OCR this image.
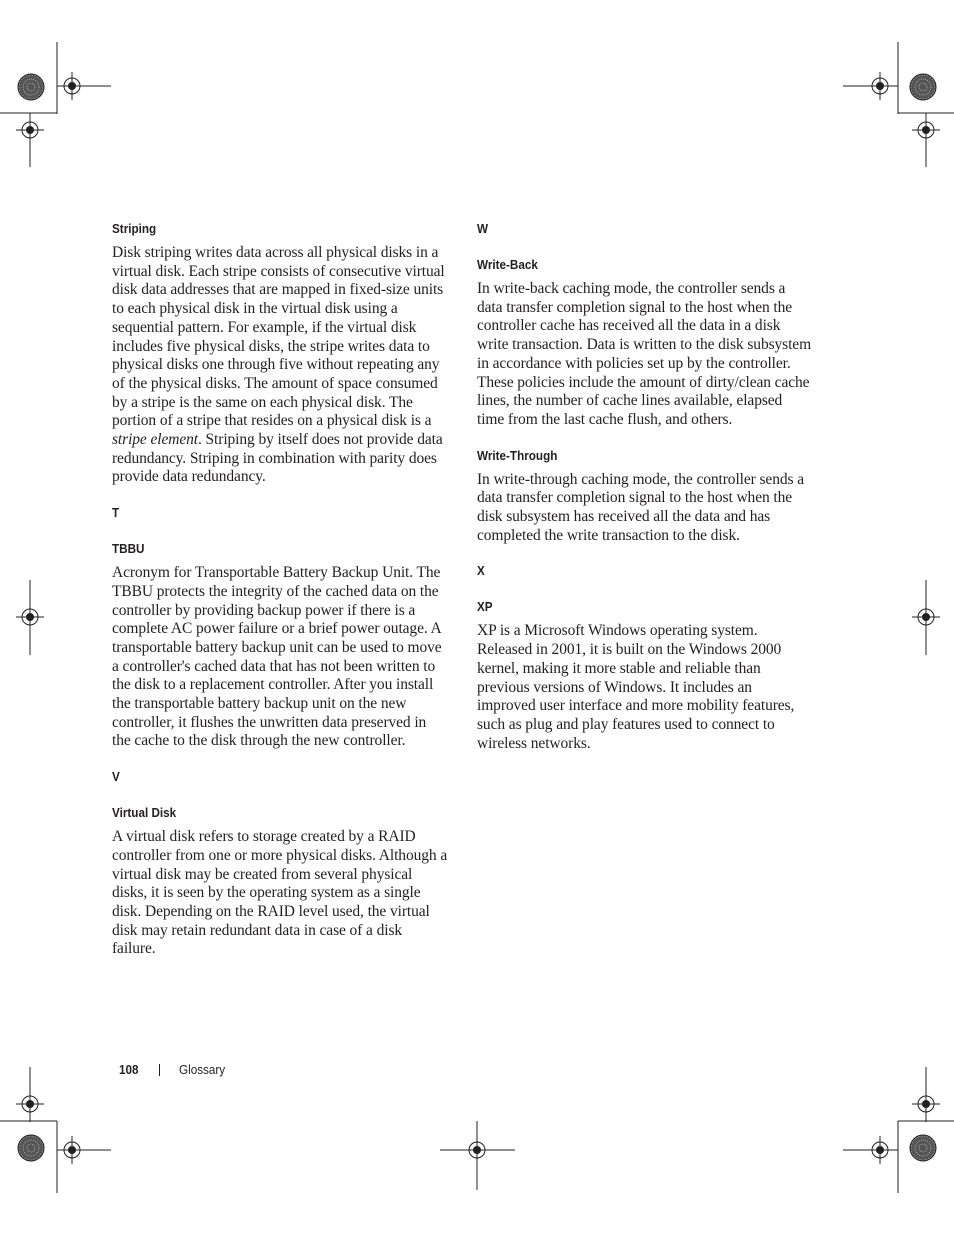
Striping

Disk striping writes data across all physical disks in a virtual disk. Each stripe consists of consecutive virtual disk data addresses that are mapped in fixed-size units to each physical disk in the virtual disk using a sequential pattern. For example, if the virtual disk includes five physical disks, the stripe writes data to physical disks one through five without repeating any of the physical disks. The amount of space consumed by a stripe is the same on each physical disk. The portion of a stripe that resides on a physical disk is a stripe element. Striping by itself does not provide data redundancy. Striping in combination with parity does provide data redundancy.

T
TBBU

Acronym for Transportable Battery Backup Unit. The TBBU protects the integrity of the cached data on the controller by providing backup power if there is a complete AC power failure or a brief power outage. A transportable battery backup unit can be used to move a controller's cached data that has not been written to the disk to a replacement controller. After you install the transportable battery backup unit on the new controller, it flushes the unwritten data preserved in the cache to the disk through the new controller.

V
Virtual Disk

A virtual disk refers to storage created by a RAID controller from one or more physical disks. Although a virtual disk may be created from several physical disks, it is seen by the operating system as a single disk. Depending on the RAID level used, the virtual disk may retain redundant data in case of a disk failure.

W
Write-Back

In write-back caching mode, the controller sends a data transfer completion signal to the host when the controller cache has received all the data in a disk write transaction. Data is written to the disk subsystem in accordance with policies set up by the controller. These policies include the amount of dirty/clean cache lines, the number of cache lines available, elapsed time from the last cache flush, and others.

Write-Through

In write-through caching mode, the controller sends a data transfer completion signal to the host when the disk subsystem has received all the data and has completed the write transaction to the disk.

X
XP

XP is a Microsoft Windows operating system. Released in 2001, it is built on the Windows 2000 kernel, making it more stable and reliable than previous versions of Windows. It includes an improved user interface and more mobility features, such as plug and play features used to connect to wireless networks.

108	Glossary
